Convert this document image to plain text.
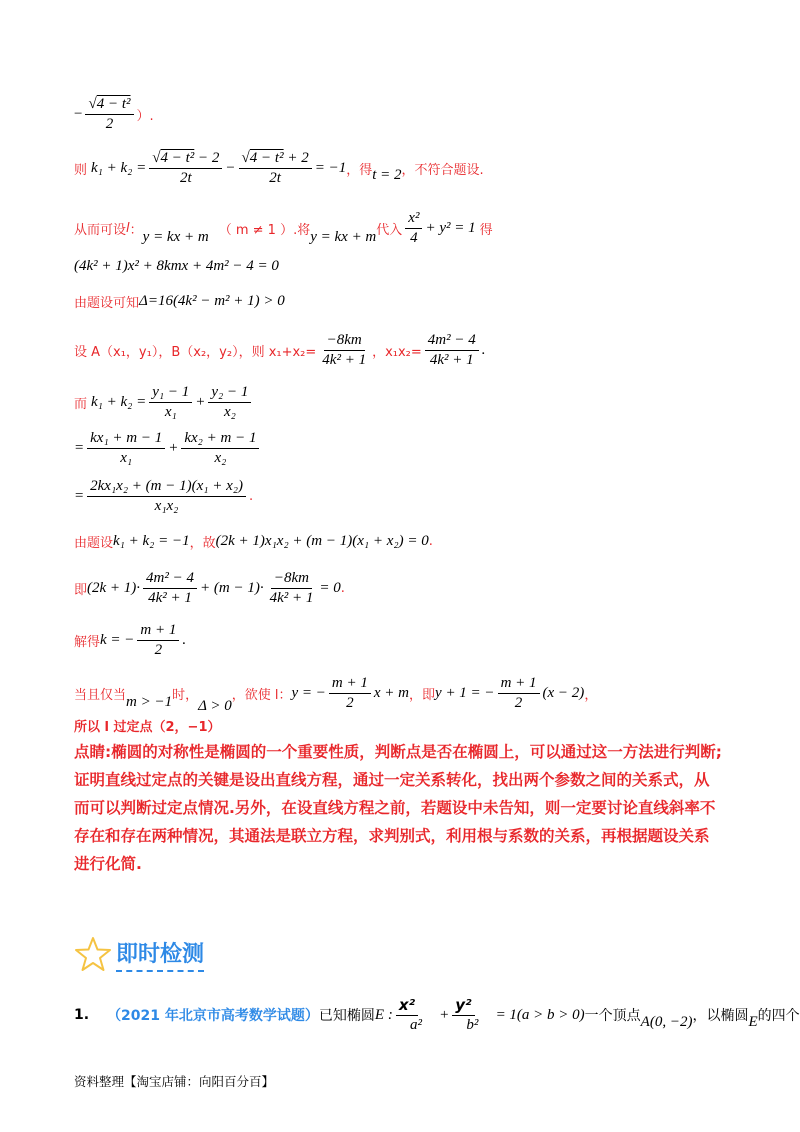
− $\frac{\text{√4 − t²}}{2}$ ）.
则 $k_1 + k_2 = \frac{\text{√4 − t² − 2}}{2t} - \frac{\text{√4 − t² + 2}}{2t} = -1$ ，得 t = 2 ，不符合题设.
从而可设 l ： y = kx + m （ m ≠ 1 ）.将 y = kx + m 代入 $\frac{\text{x²}}{4} + y^2 = 1$ 得
(4k² + 1)x² + 8kmx + 4m² − 4 = 0
由题设可知 Δ=16(4k² − m² + 1) > 0
设 A（x₁，y₁），B（x₂，y₂），则 $x_1+x_2= \frac{-8km}{\text{4k² + 1}}$ ，$x_1x_2= \frac{\text{4m² − 4}}{\text{4k² + 1}}$ .
而 $k_1 + k_2 = \frac{\text{y₁ − 1}}{\text{x₁}} + \frac{\text{y₂ − 1}}{\text{x₂}}$
= $\frac{\text{kx₁ + m − 1}}{\text{x₁}} + \frac{\text{kx₂ + m − 1}}{\text{x₂}}$
= $\frac{\text{2kx₁x₂ + (m − 1)(x₁ + x₂)}}{\text{x₁x₂}}$ .
由题设 k₁ + k₂ = −1 ，故 (2k + 1)x₁x₂ + (m − 1)(x₁ + x₂) = 0 .
即 $(2k + 1)\cdot \frac{\text{4m² − 4}}{\text{4k² + 1}} + (m - 1)\cdot \frac{-8km}{\text{4k² + 1}} = 0$ .
解得 k = − $\frac{m + 1}{2}$ .
当且仅当 m > −1 时，
Δ > 0
，欲使 l： y = − $\frac{m + 1}{2}$ x + m ，即 y + 1 = − $\frac{m + 1}{2} (x - 2)$ ，
所以 l 过定点（2，−1）
点睛:椭圆的对称性是椭圆的一个重要性质，判断点是否在椭圆上，可以通过这一方法进行判断;证明直线过定点的关键是设出直线方程，通过一定关系转化，找出两个参数之间的关系式，从而可以判断过定点情况.另外，在设直线方程之前，若题设中未告知，则一定要讨论直线斜率不存在和存在两种情况，其通法是联立方程，求判别式，利用根与系数的关系，再根据题设关系进行化简.
即时检测
1. （2021 年北京市高考数学试题） 已知椭圆 E : $\frac{\text{x²}}{\text{a²}} + \frac{\text{y²}}{\text{b²}} = 1(a > b > 0)$ 一个顶点 A(0, −2) ，以椭圆 E 的四个
资料整理【淘宝店铺：向阳百分百】
